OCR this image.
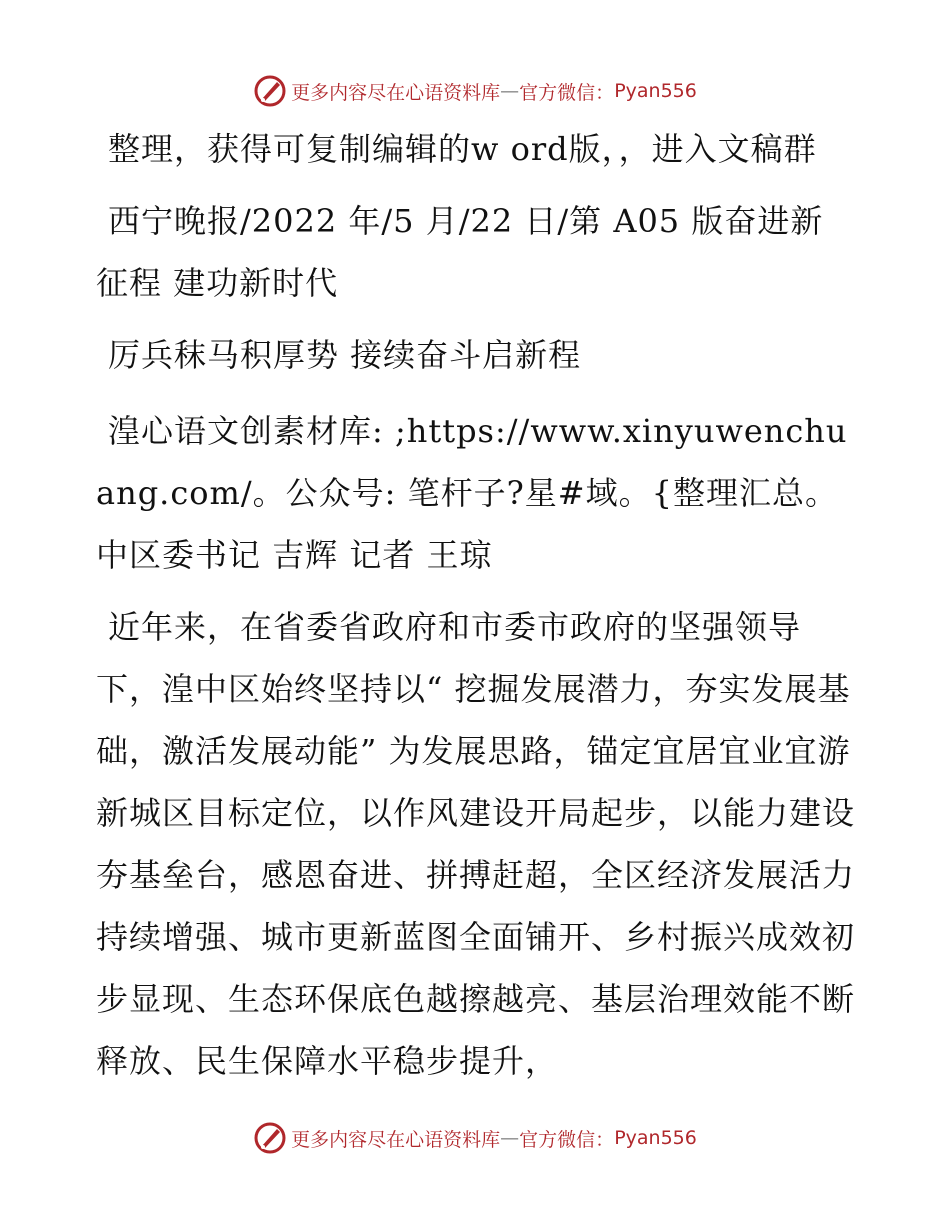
更多内容尽在心语资料库 — 官方微信： Pyan556

整理，获得可复制编辑的w ord版，，进入文稿群

西宁晚报/2022 年/5 月/22 日/第 A05 版奋进新征程 建功新时代

厉兵秣马积厚势 接续奋斗启新程

湟心语文创素材库: ;https://www.xinyuwenchuang.com/。公众号: 笔杆子?星#域。{整理汇总。中区委书记 吉辉 记者 王琼

近年来，在省委省政府和市委市政府的坚强领导下，湟中区始终坚持以“ 挖掘发展潜力，夯实发展基础，激活发展动能” 为发展思路，锚定宜居宜业宜游新城区目标定位，以作风建设开局起步，以能力建设夯基垒台，感恩奋进、拼搏赶超，全区经济发展活力持续增强、城市更新蓝图全面铺开、乡村振兴成效初步显现、生态环保底色越擦越亮、基层治理效能不断释放、民生保障水平稳步提升，

更多内容尽在心语资料库 — 官方微信： Pyan556
